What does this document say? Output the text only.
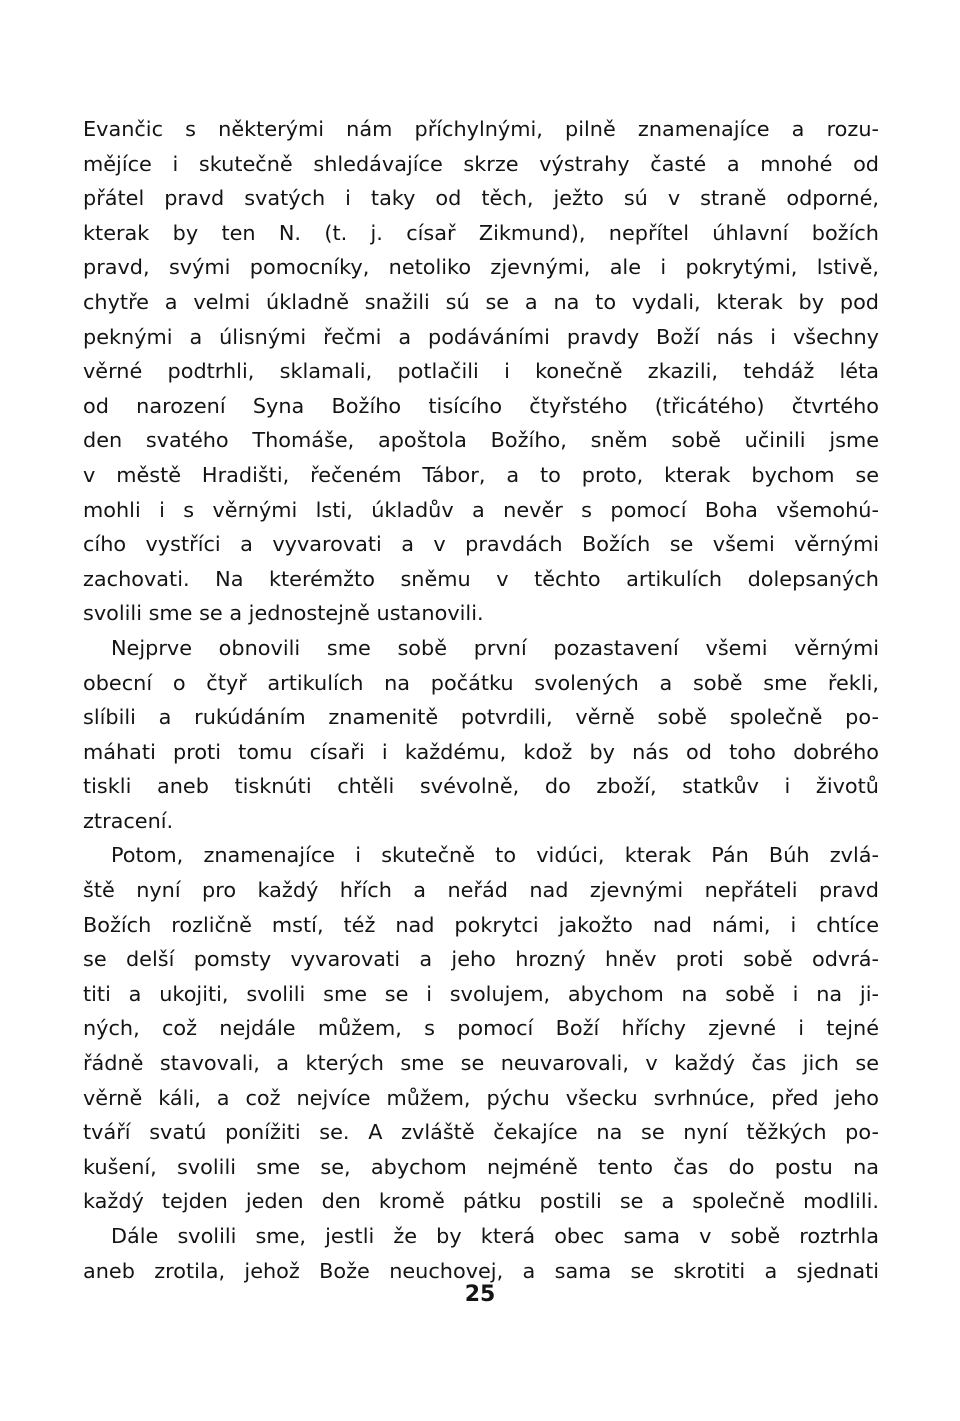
Evančic s některými nám příchylnými, pilně znamenajíce a rozu-
mějíce i skutečně shledávajíce skrze výstrahy časté a mnohé od
přátel pravd svatých i taky od těch, ježto sú v straně odporné,
kterak by ten N. (t. j. císař Zikmund), nepřítel úhlavní božích
pravd, svými pomocníky, netoliko zjevnými, ale i pokrytými, lstivě,
chytře a velmi úkladně snažili sú se a na to vydali, kterak by pod
peknými a úlisnými řečmi a podáváními pravdy Boží nás i všechny
věrné podtrhli, sklamali, potlačili i konečně zkazili, tehdáž léta
od narození Syna Božího tisícího čtyřstého (třicátého) čtvrtého
den svatého Thomáše, apoštola Božího, sněm sobě učinili jsme
v městě Hradišti, řečeném Tábor, a to proto, kterak bychom se
mohli i s věrnými lsti, úkladův a nevěr s pomocí Boha všemohú-
cího vystříci a vyvarovati a v pravdách Božích se všemi věrnými
zachovati. Na kterémžto sněmu v těchto artikulích dolepsaných
svolili sme se a jednostejně ustanovili.
Nejprve obnovili sme sobě první pozastavení všemi věrnými
obecní o čtyř artikulích na počátku svolených a sobě sme řekli,
slíbili a rukúdáním znamenitě potvrdili, věrně sobě společně po-
máhati proti tomu císaři i každému, kdož by nás od toho dobrého
tiskli aneb tisknúti chtěli svévolně, do zboží, statkův i životů
ztracení.
Potom, znamenajíce i skutečně to vidúci, kterak Pán Búh zvlá-
ště nyní pro každý hřích a neřád nad zjevnými nepřáteli pravd
Božích rozličně mstí, též nad pokrytci jakožto nad námi, i chtíce
se delší pomsty vyvarovati a jeho hrozný hněv proti sobě odvrá-
titi a ukojiti, svolili sme se i svolujem, abychom na sobě i na ji-
ných, což nejdále můžem, s pomocí Boží hříchy zjevné i tejné
řádně stavovali, a kterých sme se neuvarovali, v každý čas jich se
věrně káli, a což nejvíce můžem, pýchu všecku svrhnúce, před jeho
tváří svatú ponížiti se. A zvláště čekajíce na se nyní těžkých po-
kušení, svolili sme se, abychom nejméně tento čas do postu na
každý tejden jeden den kromě pátku postili se a společně modlili.
Dále svolili sme, jestli že by která obec sama v sobě roztrhla
aneb zrotila, jehož Bože neuchovej, a sama se skrotiti a sjednati
25
